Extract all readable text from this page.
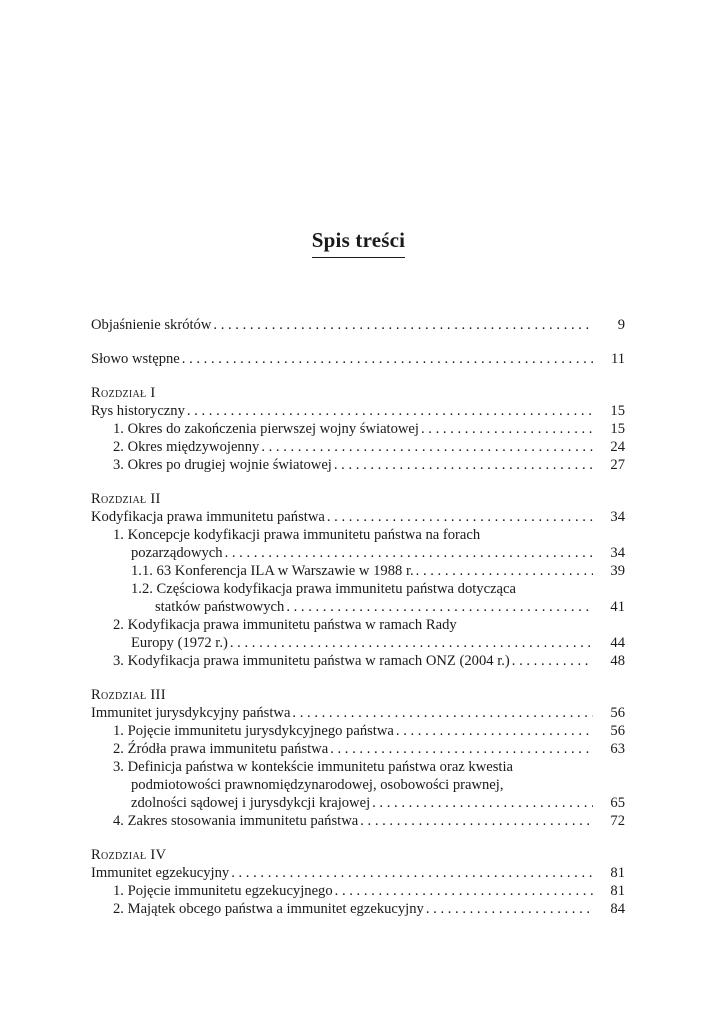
Spis treści
Objaśnienie skrótów . . .	9
Słowo wstępne . . .	11
Rozdział I
Rys historyczny . . .	15
1. Okres do zakończenia pierwszej wojny światowej . . .	15
2. Okres międzywojenny . . .	24
3. Okres po drugiej wojnie światowej . . .	27
Rozdział II
Kodyfikacja prawa immunitetu państwa . . .	34
1. Koncepcje kodyfikacji prawa immunitetu państwa na forach
pozarządowych . . .	34
1.1. 63 Konferencja ILA w Warszawie w 1988 r. . . .	39
1.2. Częściowa kodyfikacja prawa immunitetu państwa dotycząca
statków państwowych . . .	41
2. Kodyfikacja prawa immunitetu państwa w ramach Rady
Europy (1972 r.) . . .	44
3. Kodyfikacja prawa immunitetu państwa w ramach ONZ (2004 r.) . . .	48
Rozdział III
Immunitet jurysdykcyjny państwa . . .	56
1. Pojęcie immunitetu jurysdykcyjnego państwa . . .	56
2. Źródła prawa immunitetu państwa . . .	63
3. Definicja państwa w kontekście immunitetu państwa oraz kwestia
podmiotowości prawnomiędzynarodowej, osobowości prawnej,
zdolności sądowej i jurysdykcji krajowej . . .	65
4. Zakres stosowania immunitetu państwa . . .	72
Rozdział IV
Immunitet egzekucyjny . . .	81
1. Pojęcie immunitetu egzekucyjnego . . .	81
2. Majątek obcego państwa a immunitet egzekucyjny . . .	84
